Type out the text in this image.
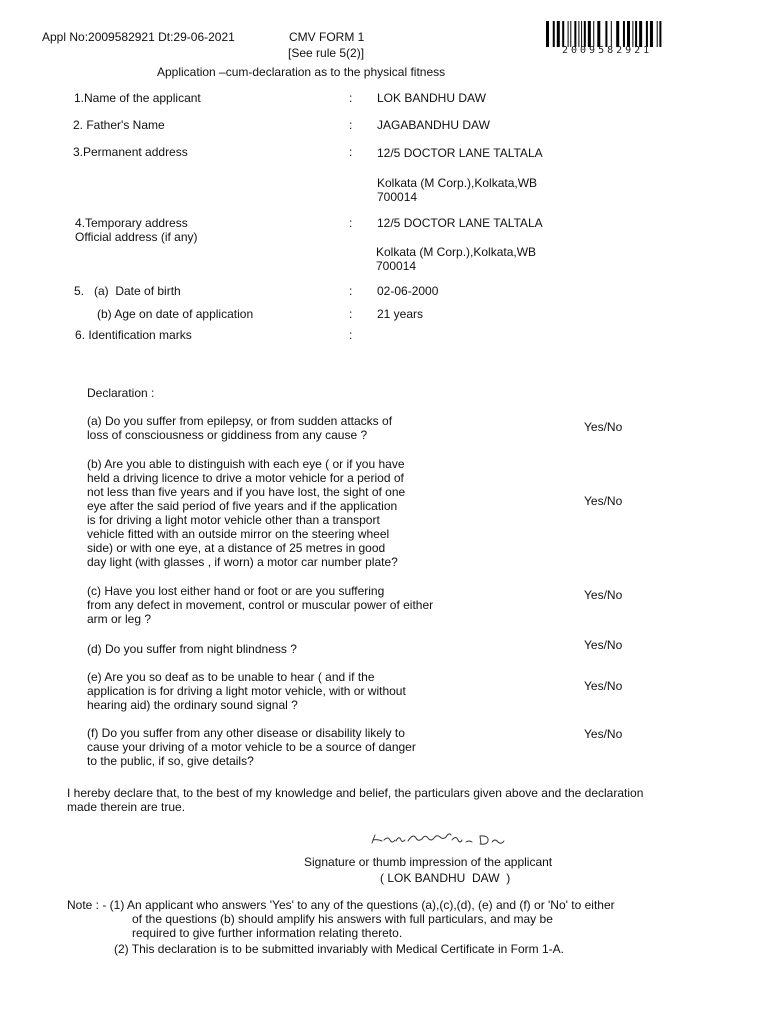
Appl No:2009582921 Dt:29-06-2021	CMV FORM 1
[See rule 5(2)]
Application –cum-declaration as to the physical fitness
2009582921
1.Name of the applicant	: LOK BANDHU DAW
2. Father's Name	: JAGABANDHU DAW
3.Permanent address	: 12/5 DOCTOR LANE TALTALA
Kolkata (M Corp.),Kolkata,WB
700014
4.Temporary address
Official address (if any)
: 12/5 DOCTOR LANE TALTALA
Kolkata (M Corp.),Kolkata,WB
700014
5.   (a)  Date of birth	: 02-06-2000
(b) Age on date of application	: 21 years
6. Identification marks	:
Declaration :
(a) Do you suffer from epilepsy, or from sudden attacks of
loss of consciousness or giddiness from any cause ?
Yes/No
(b) Are you able to distinguish with each eye ( or if you have
held a driving licence to drive a motor vehicle for a period of
not less than five years and if you have lost, the sight of one
eye after the said period of five years and if the application
is for driving a light motor vehicle other than a transport
vehicle fitted with an outside mirror on the steering wheel
side) or with one eye, at a distance of 25 metres in good
day light (with glasses , if worn) a motor car number plate?
Yes/No
(c) Have you lost either hand or foot or are you suffering
from any defect in movement, control or muscular power of either
arm or leg ?
Yes/No
(d) Do you suffer from night blindness ?	Yes/No
(e) Are you so deaf as to be unable to hear ( and if the
application is for driving a light motor vehicle, with or without
hearing aid) the ordinary sound signal ?
Yes/No
(f) Do you suffer from any other disease or disability likely to
cause your driving of a motor vehicle to be a source of danger
to the public, if so, give details?
Yes/No
I hereby declare that, to the best of my knowledge and belief, the particulars given above and the declaration
made therein are true.
Signature or thumb impression of the applicant
( LOK BANDHU  DAW  )
Note : - (1) An applicant who answers 'Yes' to any of the questions (a),(c),(d), (e) and (f) or 'No' to either
of the questions (b) should amplify his answers with full particulars, and may be
required to give further information relating thereto.
(2) This declaration is to be submitted invariably with Medical Certificate in Form 1-A.
